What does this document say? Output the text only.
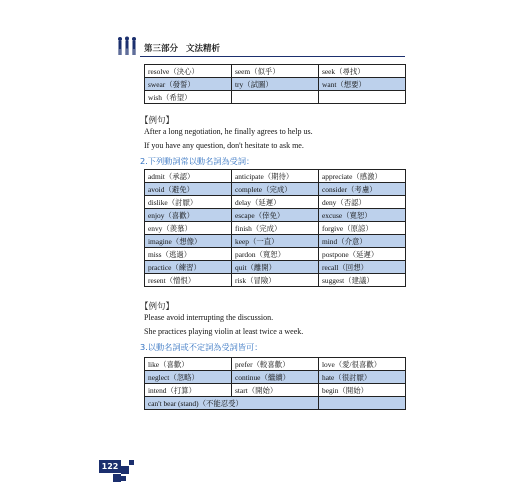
第三部分 文法精析
resolve（決心）	seem（似乎）	seek（尋找）
swear（發誓）	try（試圖）	want（想要）
wish（希望）		
【例句】
After a long negotiation, he finally agrees to help us.
If you have any question, don't hesitate to ask me.
2.下列動詞常以動名詞為受詞：
admit（承認）	anticipate（期待）	appreciate（感激）
avoid（避免）	complete（完成）	consider（考慮）
dislike（討厭）	delay（延遲）	deny（否認）
enjoy（喜歡）	escape（倖免）	excuse（寬恕）
envy（羨慕）	finish（完成）	forgive（原諒）
imagine（想像）	keep（一直）	mind（介意）
miss（逃過）	pardon（寬恕）	postpone（延遲）
practice（練習）	quit（離開）	recall（回想）
resent（憎恨）	risk（冒險）	suggest（建議）
【例句】
Please avoid interrupting the discussion.
She practices playing violin at least twice a week.
3.以動名詞或不定詞為受詞皆可：
like（喜歡）	prefer（較喜歡）	love（愛/很喜歡）
neglect（忽略）	continue（繼續）	hate（很討厭）
intend（打算）	start（開始）	begin（開始）
can't bear (stand)（不能忍受）		
122
